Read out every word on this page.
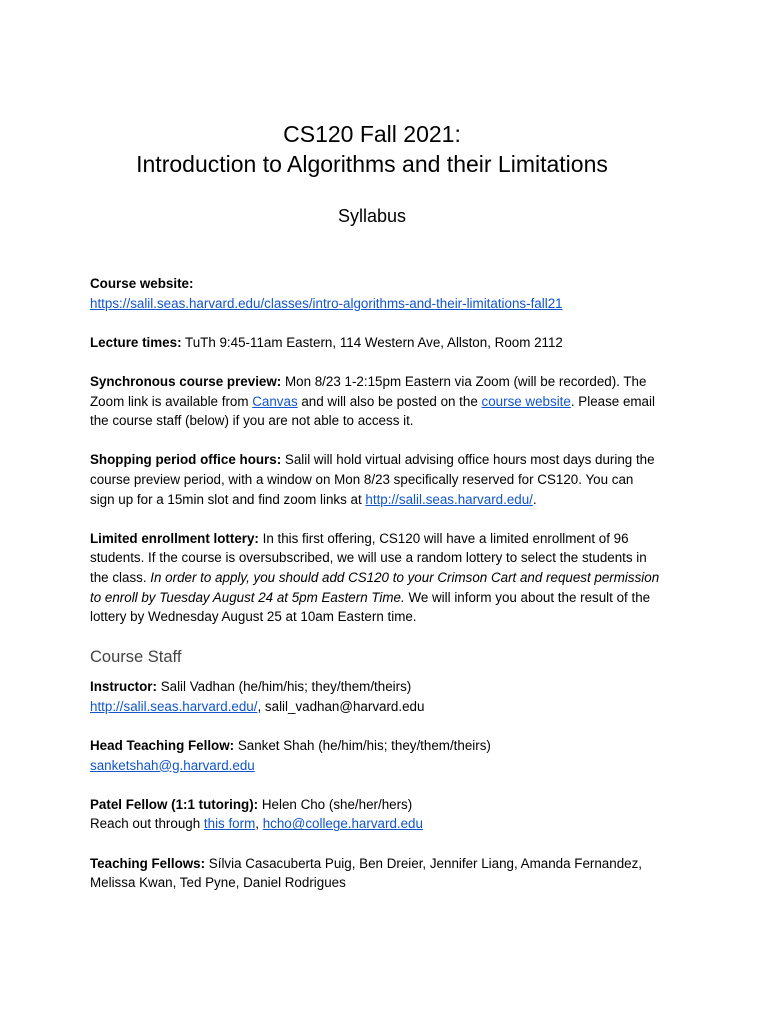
CS120 Fall 2021:
Introduction to Algorithms and their Limitations
Syllabus
Course website:
https://salil.seas.harvard.edu/classes/intro-algorithms-and-their-limitations-fall21
Lecture times: TuTh 9:45-11am Eastern, 114 Western Ave, Allston, Room 2112
Synchronous course preview: Mon 8/23 1-2:15pm Eastern via Zoom (will be recorded). The
Zoom link is available from Canvas and will also be posted on the course website. Please email
the course staff (below) if you are not able to access it.
Shopping period office hours: Salil will hold virtual advising office hours most days during the
course preview period, with a window on Mon 8/23 specifically reserved for CS120. You can
sign up for a 15min slot and find zoom links at http://salil.seas.harvard.edu/.
Limited enrollment lottery: In this first offering, CS120 will have a limited enrollment of 96
students. If the course is oversubscribed, we will use a random lottery to select the students in
the class. In order to apply, you should add CS120 to your Crimson Cart and request permission
to enroll by Tuesday August 24 at 5pm Eastern Time. We will inform you about the result of the
lottery by Wednesday August 25 at 10am Eastern time.
Course Staff
Instructor: Salil Vadhan (he/him/his; they/them/theirs)
http://salil.seas.harvard.edu/, salil_vadhan@harvard.edu
Head Teaching Fellow: Sanket Shah (he/him/his; they/them/theirs)
sanketshah@g.harvard.edu
Patel Fellow (1:1 tutoring): Helen Cho (she/her/hers)
Reach out through this form, hcho@college.harvard.edu
Teaching Fellows: Sílvia Casacuberta Puig, Ben Dreier, Jennifer Liang, Amanda Fernandez,
Melissa Kwan, Ted Pyne, Daniel Rodrigues
